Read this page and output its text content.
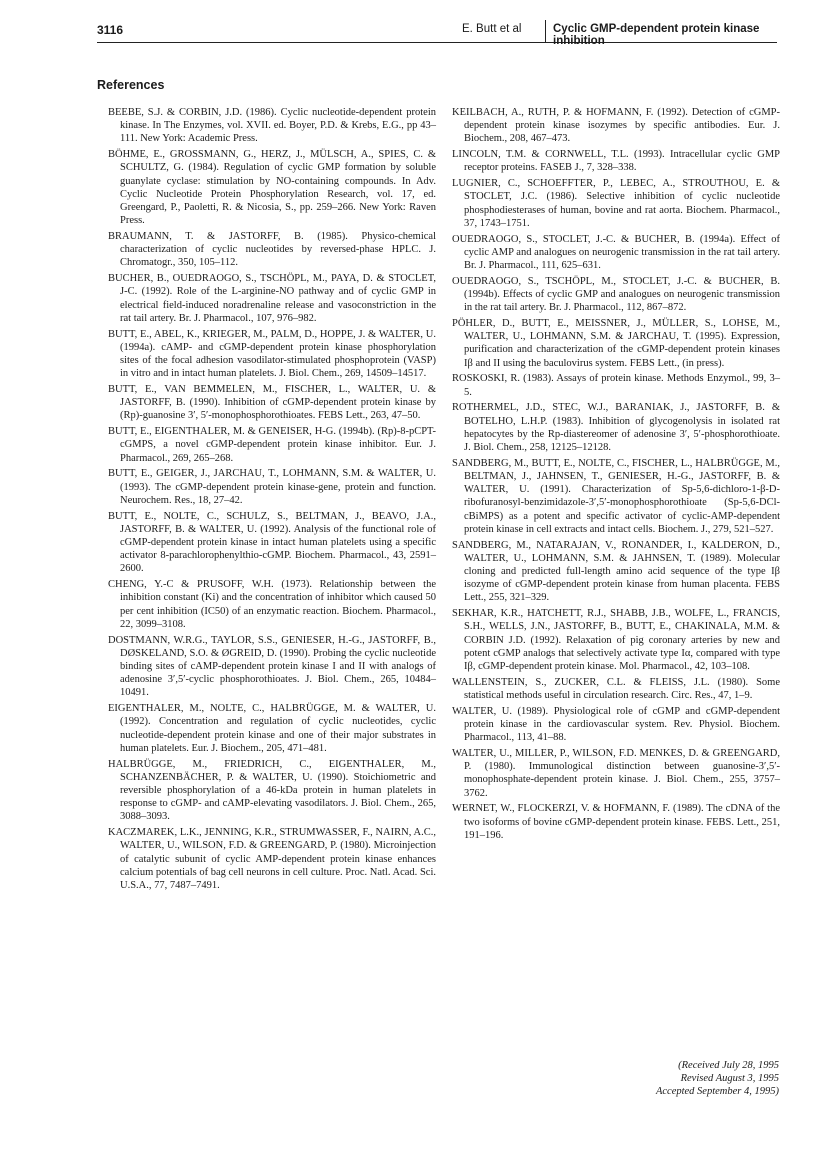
3116	E. Butt et al	Cyclic GMP-dependent protein kinase inhibition
References
BEEBE, S.J. & CORBIN, J.D. (1986). Cyclic nucleotide-dependent protein kinase. In The Enzymes, vol. XVII. ed. Boyer, P.D. & Krebs, E.G., pp 43–111. New York: Academic Press.
BÖHME, E., GROSSMANN, G., HERZ, J., MÜLSCH, A., SPIES, C. & SCHULTZ, G. (1984). Regulation of cyclic GMP formation by soluble guanylate cyclase: stimulation by NO-containing compounds. In Adv. Cyclic Nucleotide Protein Phosphorylation Research, vol. 17, ed. Greengard, P., Paoletti, R. & Nicosia, S., pp. 259–266. New York: Raven Press.
BRAUMANN, T. & JASTORFF, B. (1985). Physico-chemical characterization of cyclic nucleotides by reversed-phase HPLC. J. Chromatogr., 350, 105–112.
BUCHER, B., OUEDRAOGO, S., TSCHÖPL, M., PAYA, D. & STOCLET, J-C. (1992). Role of the L-arginine-NO pathway and of cyclic GMP in electrical field-induced noradrenaline release and vasoconstriction in the rat tail artery. Br. J. Pharmacol., 107, 976–982.
BUTT, E., ABEL, K., KRIEGER, M., PALM, D., HOPPE, J. & WALTER, U. (1994a). cAMP- and cGMP-dependent protein kinase phosphorylation sites of the focal adhesion vasodilator-stimulated phosphoprotein (VASP) in vitro and in intact human platelets. J. Biol. Chem., 269, 14509–14517.
BUTT, E., VAN BEMMELEN, M., FISCHER, L., WALTER, U. & JASTORFF, B. (1990). Inhibition of cGMP-dependent protein kinase by (Rp)-guanosine 3′, 5′-monophosphorothioates. FEBS Lett., 263, 47–50.
BUTT, E., EIGENTHALER, M. & GENEISER, H-G. (1994b). (Rp)-8-pCPT-cGMPS, a novel cGMP-dependent protein kinase inhibitor. Eur. J. Pharmacol., 269, 265–268.
BUTT, E., GEIGER, J., JARCHAU, T., LOHMANN, S.M. & WALTER, U. (1993). The cGMP-dependent protein kinase-gene, protein and function. Neurochem. Res., 18, 27–42.
BUTT, E., NOLTE, C., SCHULZ, S., BELTMAN, J., BEAVO, J.A., JASTORFF, B. & WALTER, U. (1992). Analysis of the functional role of cGMP-dependent protein kinase in intact human platelets using a specific activator 8-parachlorophenylthio-cGMP. Biochem. Pharmacol., 43, 2591–2600.
CHENG, Y.-C & PRUSOFF, W.H. (1973). Relationship between the inhibition constant (Ki) and the concentration of inhibitor which caused 50 per cent inhibition (IC50) of an enzymatic reaction. Biochem. Pharmacol., 22, 3099–3108.
DOSTMANN, W.R.G., TAYLOR, S.S., GENIESER, H.-G., JASTORFF, B., DØSKELAND, S.O. & ØGREID, D. (1990). Probing the cyclic nucleotide binding sites of cAMP-dependent protein kinase I and II with analogs of adenosine 3′,5′-cyclic phosphorothioates. J. Biol. Chem., 265, 10484–10491.
EIGENTHALER, M., NOLTE, C., HALBRÜGGE, M. & WALTER, U. (1992). Concentration and regulation of cyclic nucleotides, cyclic nucleotide-dependent protein kinase and one of their major substrates in human platelets. Eur. J. Biochem., 205, 471–481.
HALBRÜGGE, M., FRIEDRICH, C., EIGENTHALER, M., SCHANZENBÄCHER, P. & WALTER, U. (1990). Stoichiometric and reversible phosphorylation of a 46-kDa protein in human platelets in response to cGMP- and cAMP-elevating vasodilators. J. Biol. Chem., 265, 3088–3093.
KACZMAREK, L.K., JENNING, K.R., STRUMWASSER, F., NAIRN, A.C., WALTER, U., WILSON, F.D. & GREENGARD, P. (1980). Microinjection of catalytic subunit of cyclic AMP-dependent protein kinase enhances calcium potentials of bag cell neurons in cell culture. Proc. Natl. Acad. Sci. U.S.A., 77, 7487–7491.
KEILBACH, A., RUTH, P. & HOFMANN, F. (1992). Detection of cGMP-dependent protein kinase isozymes by specific antibodies. Eur. J. Biochem., 208, 467–473.
LINCOLN, T.M. & CORNWELL, T.L. (1993). Intracellular cyclic GMP receptor proteins. FASEB J., 7, 328–338.
LUGNIER, C., SCHOEFFTER, P., LEBEC, A., STROUTHOU, E. & STOCLET, J.C. (1986). Selective inhibition of cyclic nucleotide phosphodiesterases of human, bovine and rat aorta. Biochem. Pharmacol., 37, 1743–1751.
OUEDRAOGO, S., STOCLET, J.-C. & BUCHER, B. (1994a). Effect of cyclic AMP and analogues on neurogenic transmission in the rat tail artery. Br. J. Pharmacol., 111, 625–631.
OUEDRAOGO, S., TSCHÖPL, M., STOCLET, J.-C. & BUCHER, B. (1994b). Effects of cyclic GMP and analogues on neurogenic transmission in the rat tail artery. Br. J. Pharmacol., 112, 867–872.
PÖHLER, D., BUTT, E., MEISSNER, J., MÜLLER, S., LOHSE, M., WALTER, U., LOHMANN, S.M. & JARCHAU, T. (1995). Expression, purification and characterization of the cGMP-dependent protein kinases Iβ and II using the baculovirus system. FEBS Lett., (in press).
ROSKOSKI, R. (1983). Assays of protein kinase. Methods Enzymol., 99, 3–5.
ROTHERMEL, J.D., STEC, W.J., BARANIAK, J., JASTORFF, B. & BOTELHO, L.H.P. (1983). Inhibition of glycogenolysis in isolated rat hepatocytes by the Rp-diastereomer of adenosine 3′, 5′-phosphorothioate. J. Biol. Chem., 258, 12125–12128.
SANDBERG, M., BUTT, E., NOLTE, C., FISCHER, L., HALBRÜGGE, M., BELTMAN, J., JAHNSEN, T., GENIESER, H.-G., JASTORFF, B. & WALTER, U. (1991). Characterization of Sp-5,6-dichloro-1-β-D-ribofuranosyl-benzimidazole-3′,5′-monophosphorothioate (Sp-5,6-DCl-cBiMPS) as a potent and specific activator of cyclic-AMP-dependent protein kinase in cell extracts and intact cells. Biochem. J., 279, 521–527.
SANDBERG, M., NATARAJAN, V., RONANDER, I., KALDERON, D., WALTER, U., LOHMANN, S.M. & JAHNSEN, T. (1989). Molecular cloning and predicted full-length amino acid sequence of the type Iβ isozyme of cGMP-dependent protein kinase from human placenta. FEBS Lett., 255, 321–329.
SEKHAR, K.R., HATCHETT, R.J., SHABB, J.B., WOLFE, L., FRANCIS, S.H., WELLS, J.N., JASTORFF, B., BUTT, E., CHAKINALA, M.M. & CORBIN J.D. (1992). Relaxation of pig coronary arteries by new and potent cGMP analogs that selectively activate type Iα, compared with type Iβ, cGMP-dependent protein kinase. Mol. Pharmacol., 42, 103–108.
WALLENSTEIN, S., ZUCKER, C.L. & FLEISS, J.L. (1980). Some statistical methods useful in circulation research. Circ. Res., 47, 1–9.
WALTER, U. (1989). Physiological role of cGMP and cGMP-dependent protein kinase in the cardiovascular system. Rev. Physiol. Biochem. Pharmacol., 113, 41–88.
WALTER, U., MILLER, P., WILSON, F.D. MENKES, D. & GREENGARD, P. (1980). Immunological distinction between guanosine-3′,5′-monophosphate-dependent protein kinase. J. Biol. Chem., 255, 3757–3762.
WERNET, W., FLOCKERZI, V. & HOFMANN, F. (1989). The cDNA of the two isoforms of bovine cGMP-dependent protein kinase. FEBS. Lett., 251, 191–196.
(Received July 28, 1995
Revised August 3, 1995
Accepted September 4, 1995)
